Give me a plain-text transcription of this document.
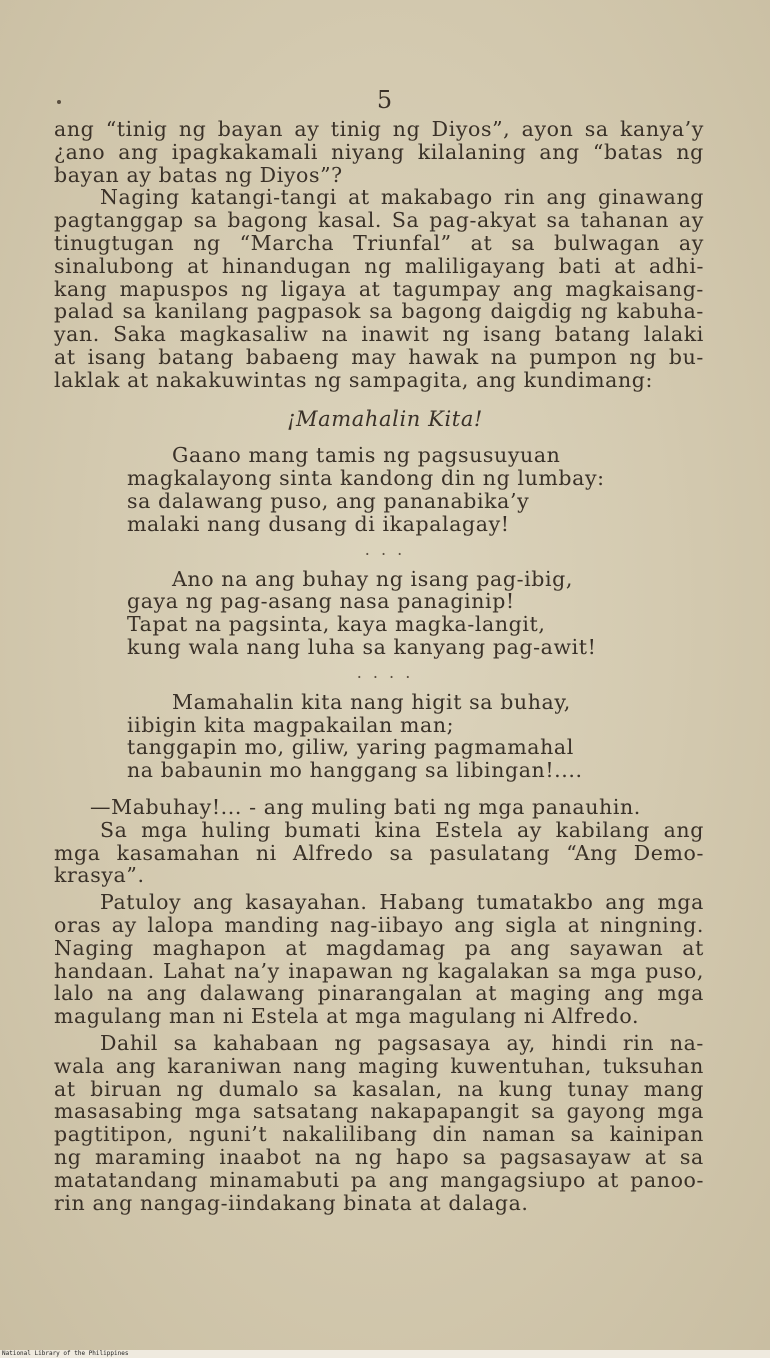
5
ang “tinig ng bayan ay tinig ng Diyos”, ayon sa kanya’y
¿ano ang ipagkakamali niyang kilalaning ang “batas ng
bayan ay batas ng Diyos”?
Naging katangi-tangi at makabago rin ang ginawang
pagtanggap sa bagong kasal. Sa pag-akyat sa tahanan ay
tinugtugan ng “Marcha Triunfal” at sa bulwagan ay
sinalubong at hinandugan ng maliligayang bati at adhi-
kang mapuspos ng ligaya at tagumpay ang magkaisang-
palad sa kanilang pagpasok sa bagong daigdig ng kabuha-
yan. Saka magkasaliw na inawit ng isang batang lalaki
at isang batang babaeng may hawak na pumpon ng bu-
laklak at nakakuwintas ng sampagita, ang kundimang:
¡Mamahalin Kita!
Gaano mang tamis ng pagsusuyuan
magkalayong sinta kandong din ng lumbay:
sa dalawang puso, ang pananabika’y
malaki nang dusang di ikapalagay!
. . .
Ano na ang buhay ng isang pag-ibig,
gaya ng pag-asang nasa panaginip!
Tapat na pagsinta, kaya magka-langit,
kung wala nang luha sa kanyang pag-awit!
. . . .
Mamahalin kita nang higit sa buhay,
iibigin kita magpakailan man;
tanggapin mo, giliw, yaring pagmamahal
na babaunin mo hanggang sa libingan!....
—Mabuhay!... - ang muling bati ng mga panauhin.
Sa mga huling bumati kina Estela ay kabilang ang
mga kasamahan ni Alfredo sa pasulatang “Ang Demo-
krasya”.
Patuloy ang kasayahan. Habang tumatakbo ang mga
oras ay lalopa manding nag-iibayo ang sigla at ningning.
Naging maghapon at magdamag pa ang sayawan at
handaan. Lahat na’y inapawan ng kagalakan sa mga puso,
lalo na ang dalawang pinarangalan at maging ang mga
magulang man ni Estela at mga magulang ni Alfredo.
Dahil sa kahabaan ng pagsasaya ay, hindi rin na-
wala ang karaniwan nang maging kuwentuhan, tuksuhan
at biruan ng dumalo sa kasalan, na kung tunay mang
masasabing mga satsatang nakapapangit sa gayong mga
pagtitipon, nguni’t nakalilibang din naman sa kainipan
ng maraming inaabot na ng hapo sa pagsasayaw at sa
matatandang minamabuti pa ang mangagsiupo at panoo-
rin ang nangag-iindakang binata at dalaga.
National Library of the Philippines
